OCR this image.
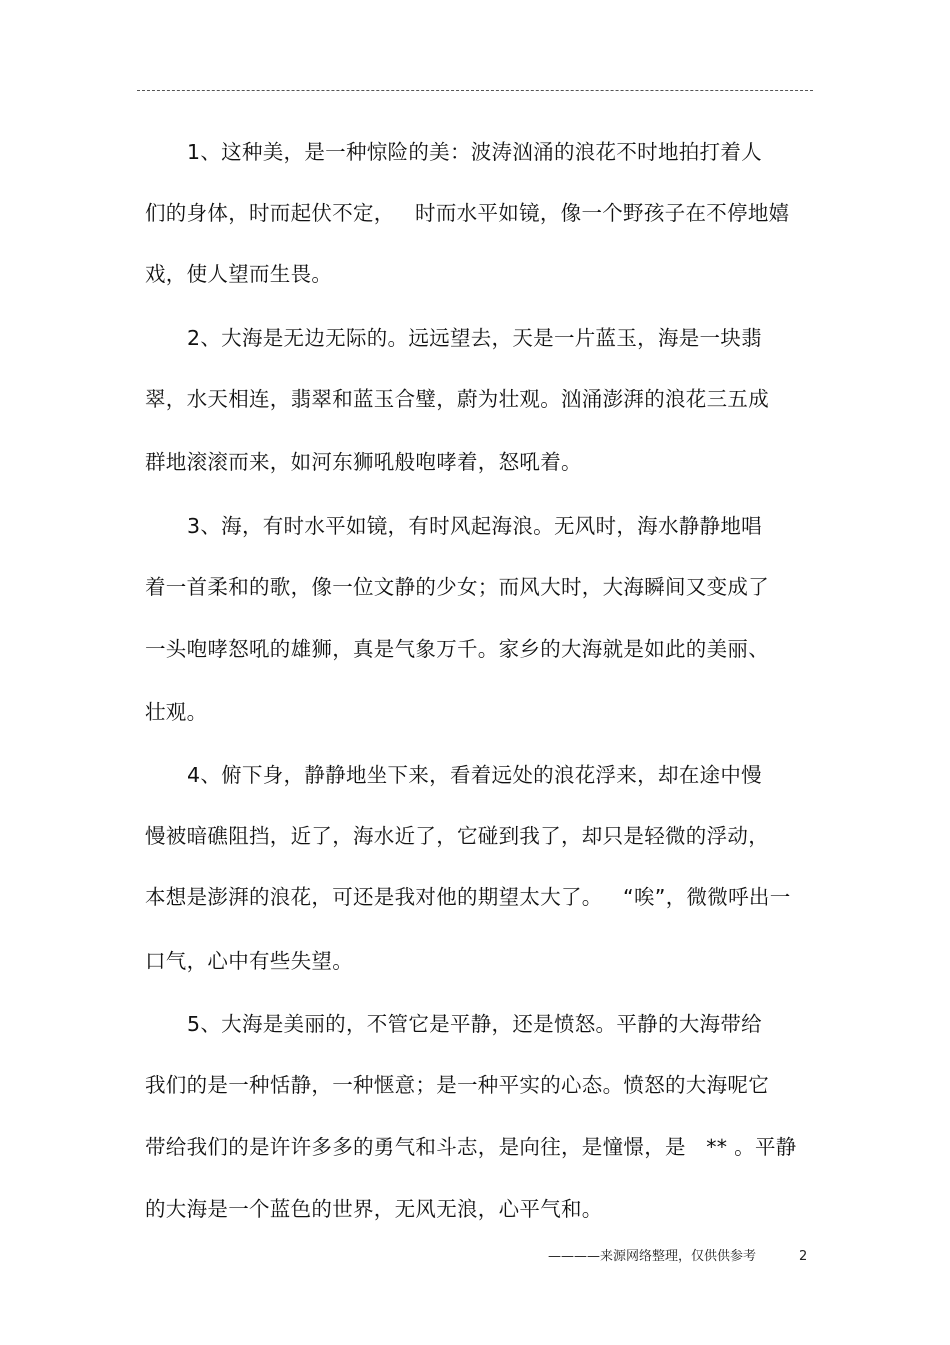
1、这种美，是一种惊险的美：波涛汹涌的浪花不时地拍打着人
们的身体，时而起伏不定，   时而水平如镜，像一个野孩子在不停地嬉
戏，使人望而生畏。
2、大海是无边无际的。远远望去，天是一片蓝玉，海是一块翡
翠，水天相连，翡翠和蓝玉合璧，蔚为壮观。汹涌澎湃的浪花三五成
群地滚滚而来，如河东狮吼般咆哮着，怒吼着。
3、海，有时水平如镜，有时风起海浪。无风时，海水静静地唱
着一首柔和的歌，像一位文静的少女；而风大时，大海瞬间又变成了
一头咆哮怒吼的雄狮，真是气象万千。家乡的大海就是如此的美丽、
壮观。
4、俯下身，静静地坐下来，看着远处的浪花浮来，却在途中慢
慢被暗礁阻挡，近了，海水近了，它碰到我了，却只是轻微的浮动，
本想是澎湃的浪花，可还是我对他的期望太大了。   “唉”，微微呼出一
口气，心中有些失望。
5、大海是美丽的，不管它是平静，还是愤怒。平静的大海带给
我们的是一种恬静，一种惬意；是一种平实的心态。愤怒的大海呢它
带给我们的是许许多多的勇气和斗志，是向往，是憧憬，是   ** 。平静
的大海是一个蓝色的世界，无风无浪，心平气和。
————来源网络整理，仅供供参考	2
